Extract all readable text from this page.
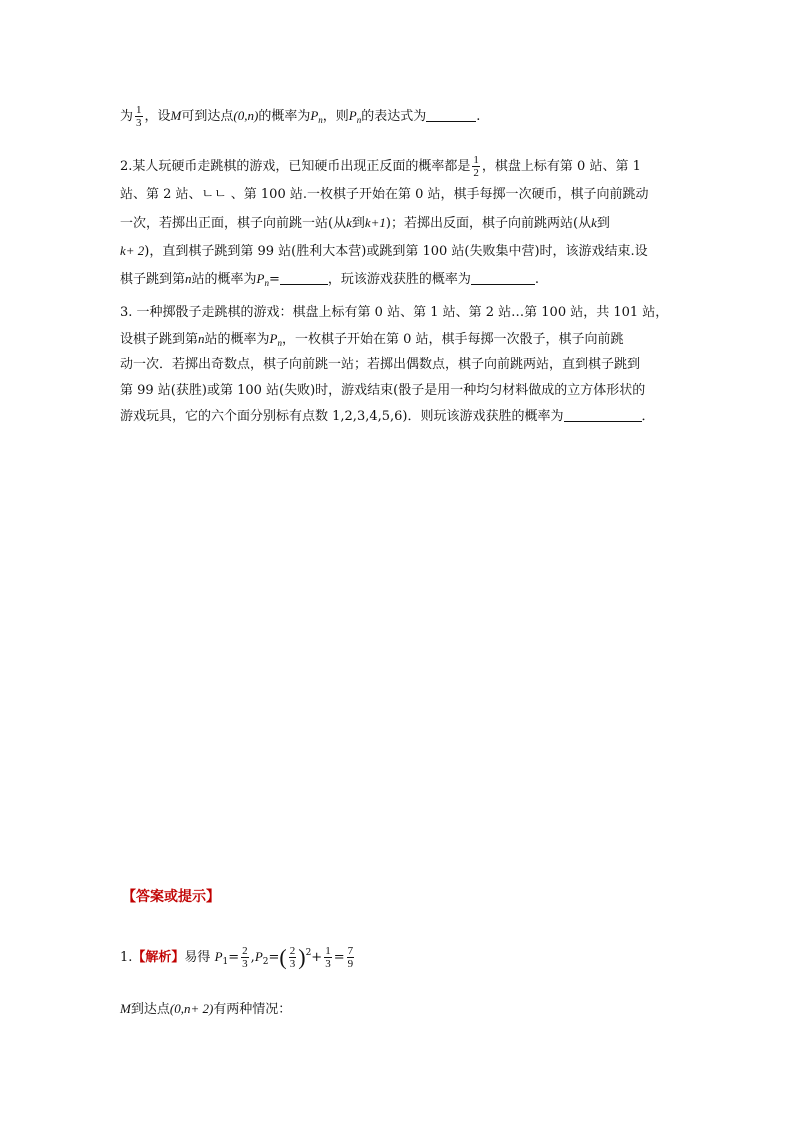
为 $\frac{1}{3}$ ，设M可到达点(0,n)的概率为$P_n$，则$P_n$的表达式为	.
2.某人玩硬币走跳棋的游戏，已知硬币出现正反面的概率都是 $\frac{1}{2}$ ，棋盘上标有第 0 站、第 1
站、第 2 站、ㄴㄴ 、第 100 站.一枚棋子开始在第 0 站，棋手每掷一次硬币，棋子向前跳动
一次，若掷出正面，棋子向前跳一站(从k到k+1)；若掷出反面，棋子向前跳两站(从k到
k+ 2)，直到棋子跳到第 99 站(胜利大本营)或跳到第 100 站(失败集中营)时，该游戏结束.设
棋子跳到第n站的概率为$P_n=$	，玩该游戏获胜的概率为	.
3. 一种掷骰子走跳棋的游戏：棋盘上标有第 0 站、第 1 站、第 2 站…第 100 站，共 101 站，
设棋子跳到第n站的概率为$P_n$，一枚棋子开始在第 0 站，棋手每掷一次骰子，棋子向前跳
动一次．若掷出奇数点，棋子向前跳一站；若掷出偶数点，棋子向前跳两站，直到棋子跳到
第 99 站(获胜)或第 100 站(失败)时，游戏结束(骰子是用一种均匀材料做成的立方体形状的
游戏玩具，它的六个面分别标有点数 1,2,3,4,5,6)．则玩该游戏获胜的概率为	．
【答案或提示】
1.【解析】易得 $P_1= \frac{2}{3} ,P_2=( \frac{2}{3} )^2+ \frac{1}{3} = \frac{7}{9}$
M到达点(0,n+ 2)有两种情况：
